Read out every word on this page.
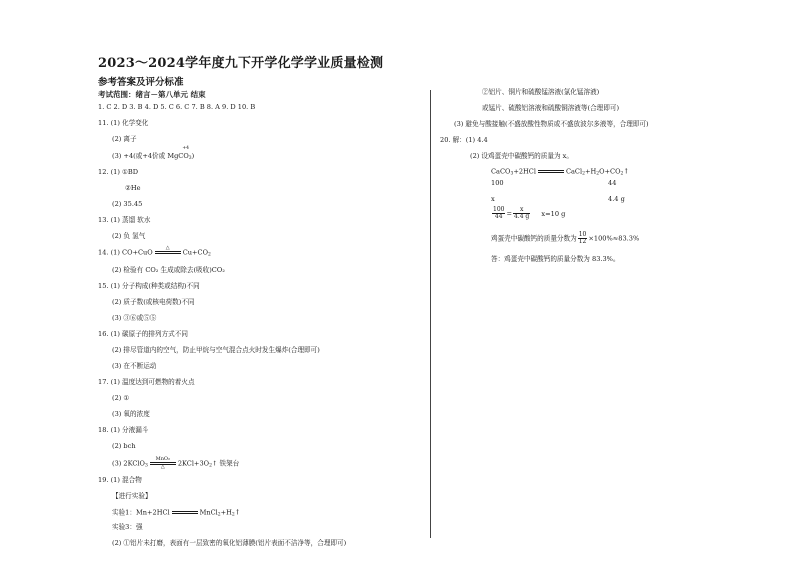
2023～2024学年度九下开学化学学业质量检测
参考答案及评分标准
考试范围：绪言－第八单元 结束
1. C 2. D 3. B 4. D 5. C 6. C 7. B 8. A 9. D 10. B
11. (1) 化学变化
(2) 离子
(3) +4(或+4价或 MgC
+4
$O_3$)
12. (1) ①BD
②He
(2) 35.45
13. (1) 蒸馏 软水
(2) 负 氢气
14. (1) CO+CuO
△

$Cu+CO_2$
(2) 检验有 CO₂ 生成或除去(吸收)CO₂
15. (1) 分子构成(种类或结构)不同
(2) 质子数(或核电荷数)不同
(3) ③⑥或⑤⑤
16. (1) 碳原子的排列方式不同
(2) 排尽管道内的空气，防止甲烷与空气混合点火时发生爆炸(合理即可)
(3) 在不断运动
17. (1) 温度达到可燃物的着火点
(2) ①
(3) 氧的浓度
18. (1) 分液漏斗
(2) bch
(3) 2KClO$_3$
MnO₂
△	$2KCl+3O_2↑$ 铁架台
19. (1) 混合物
【进行实验】
实验1：Mn+2HCl

	$MnCl_2+H_2↑$
实验3：强
(2) ①铝片未打磨，表面有一层致密的氧化铝薄膜(铝片表面不洁净等，合理即可)
②铝片、铜片和硫酸锰溶液(氯化锰溶液)
或锰片、硫酸铝溶液和硫酸铜溶液等(合理即可)
(3) 避免与酸接触(不盛放酸性物质或不盛放波尔多液等，合理即可)
20. 解：(1) 4.4
(2) 设鸡蛋壳中碳酸钙的质量为 x。
CaCO$_3$+2HCl

	$CaCl_2+H_2O+CO_2↑$
100	44
x	4.4 g
$\frac{100}{44} = \frac{x}{4.4 g} x=10$ g
鸡蛋壳中碳酸钙的质量分数为 $\frac{10}{12} \times 100\%\approx 83.3\%$
答：鸡蛋壳中碳酸钙的质量分数为 83.3%。
